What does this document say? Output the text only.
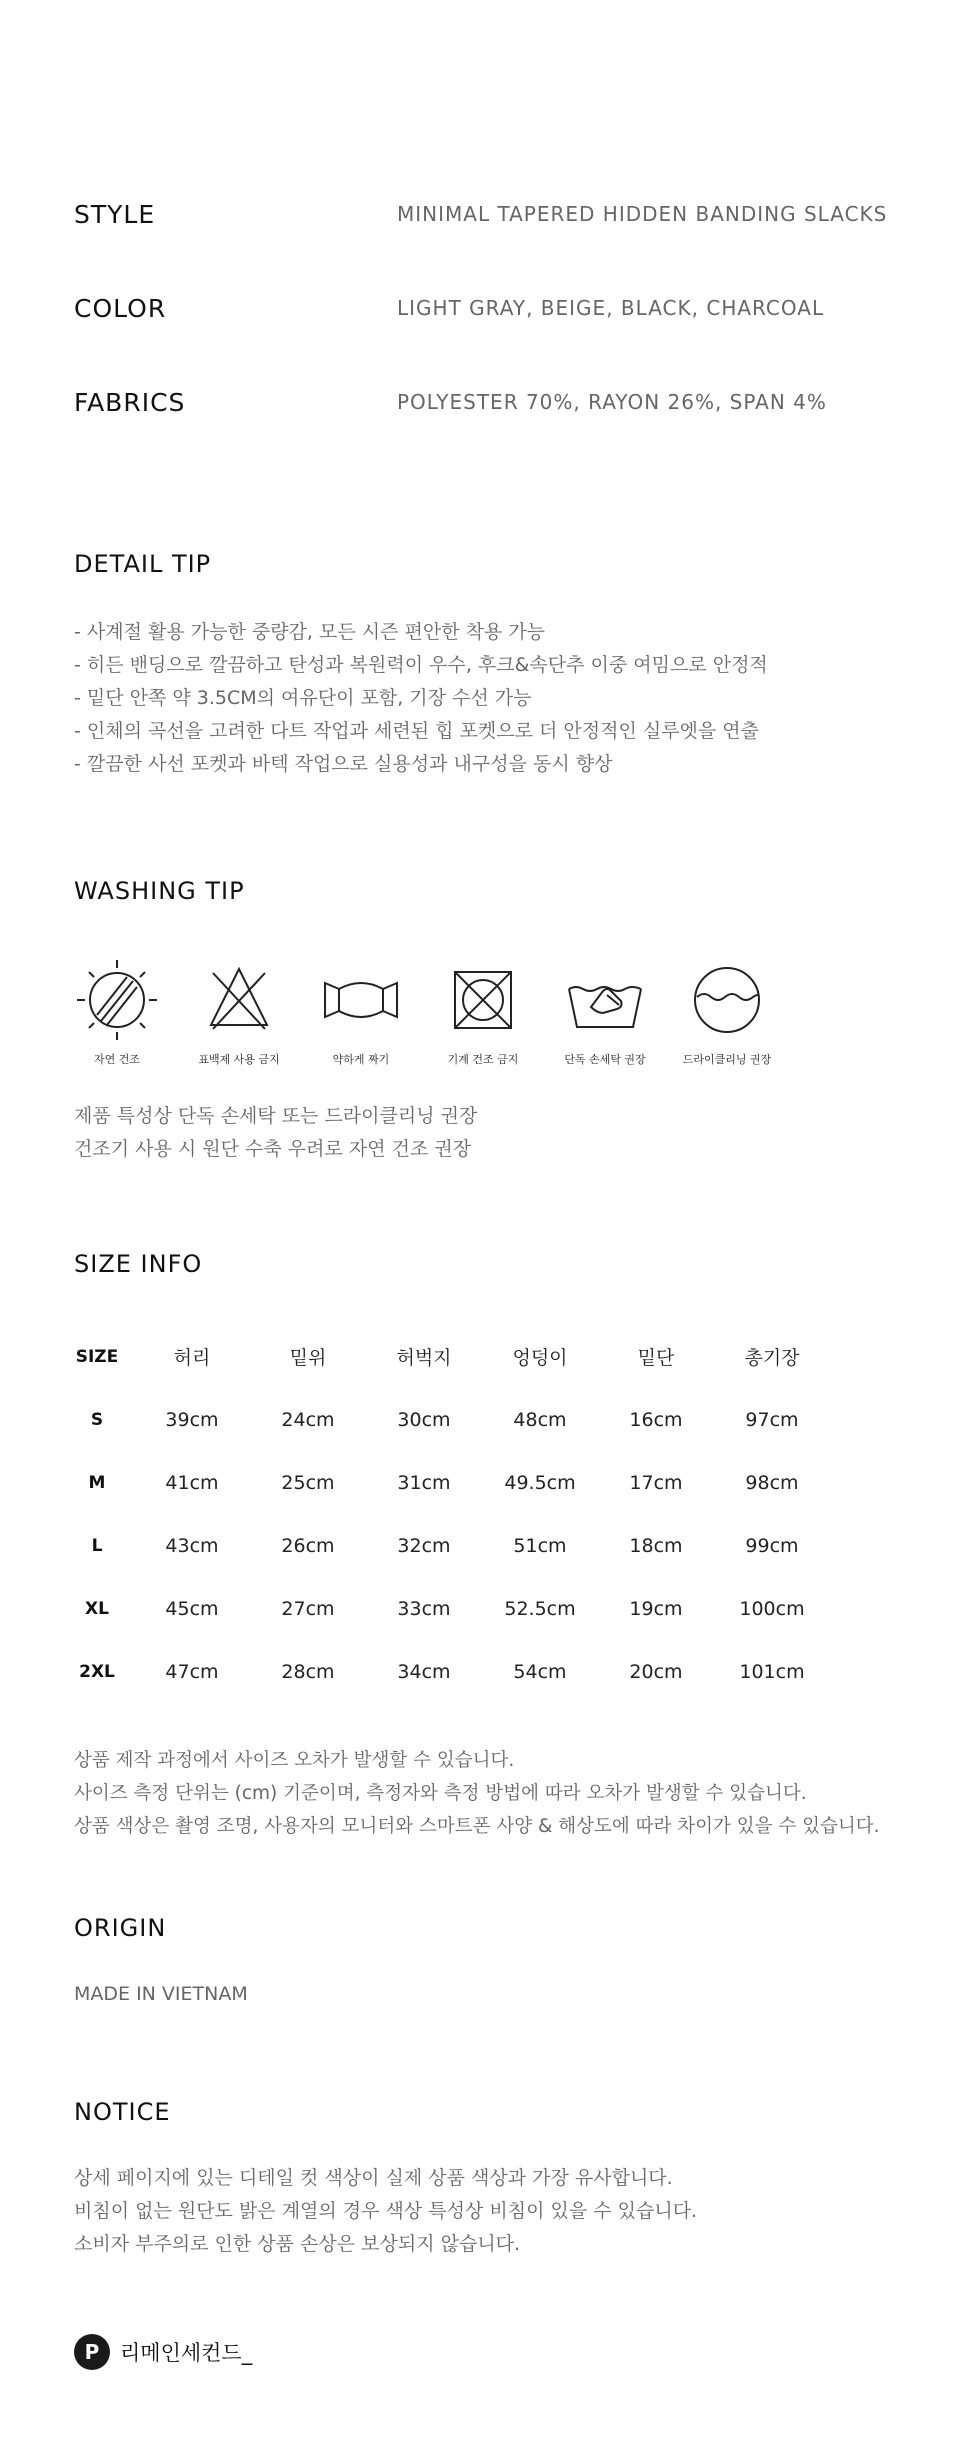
STYLE	MINIMAL TAPERED HIDDEN BANDING SLACKS
COLOR	LIGHT GRAY, BEIGE, BLACK, CHARCOAL
FABRICS	POLYESTER 70%, RAYON 26%, SPAN 4%
DETAIL TIP
- 사계절 활용 가능한 중량감, 모든 시즌 편안한 착용 가능
- 히든 밴딩으로 깔끔하고 탄성과 복원력이 우수, 후크&속단추 이중 여밈으로 안정적
- 밑단 안쪽 약 3.5CM의 여유단이 포함, 기장 수선 가능
- 인체의 곡선을 고려한 다트 작업과 세련된 힙 포켓으로 더 안정적인 실루엣을 연출
- 깔끔한 사선 포켓과 바텍 작업으로 실용성과 내구성을 동시 향상
WASHING TIP
자연 건조	표백제 사용 금지	약하게 짜기	기계 건조 금지	단독 손세탁 권장	드라이클리닝 권장
제품 특성상 단독 손세탁 또는 드라이클리닝 권장
건조기 사용 시 원단 수축 우려로 자연 건조 권장
SIZE INFO
SIZE	허리	밑위	허벅지	엉덩이	밑단	총기장
S	39cm	24cm	30cm	48cm	16cm	97cm
M	41cm	25cm	31cm	49.5cm	17cm	98cm
L	43cm	26cm	32cm	51cm	18cm	99cm
XL	45cm	27cm	33cm	52.5cm	19cm	100cm
2XL	47cm	28cm	34cm	54cm	20cm	101cm
상품 제작 과정에서 사이즈 오차가 발생할 수 있습니다.
사이즈 측정 단위는 (cm) 기준이며, 측정자와 측정 방법에 따라 오차가 발생할 수 있습니다.
상품 색상은 촬영 조명, 사용자의 모니터와 스마트폰 사양 & 해상도에 따라 차이가 있을 수 있습니다.
ORIGIN
MADE IN VIETNAM
NOTICE
상세 페이지에 있는 디테일 컷 색상이 실제 상품 색상과 가장 유사합니다.
비침이 없는 원단도 밝은 계열의 경우 색상 특성상 비침이 있을 수 있습니다.
소비자 부주의로 인한 상품 손상은 보상되지 않습니다.
P 리메인세컨드_
